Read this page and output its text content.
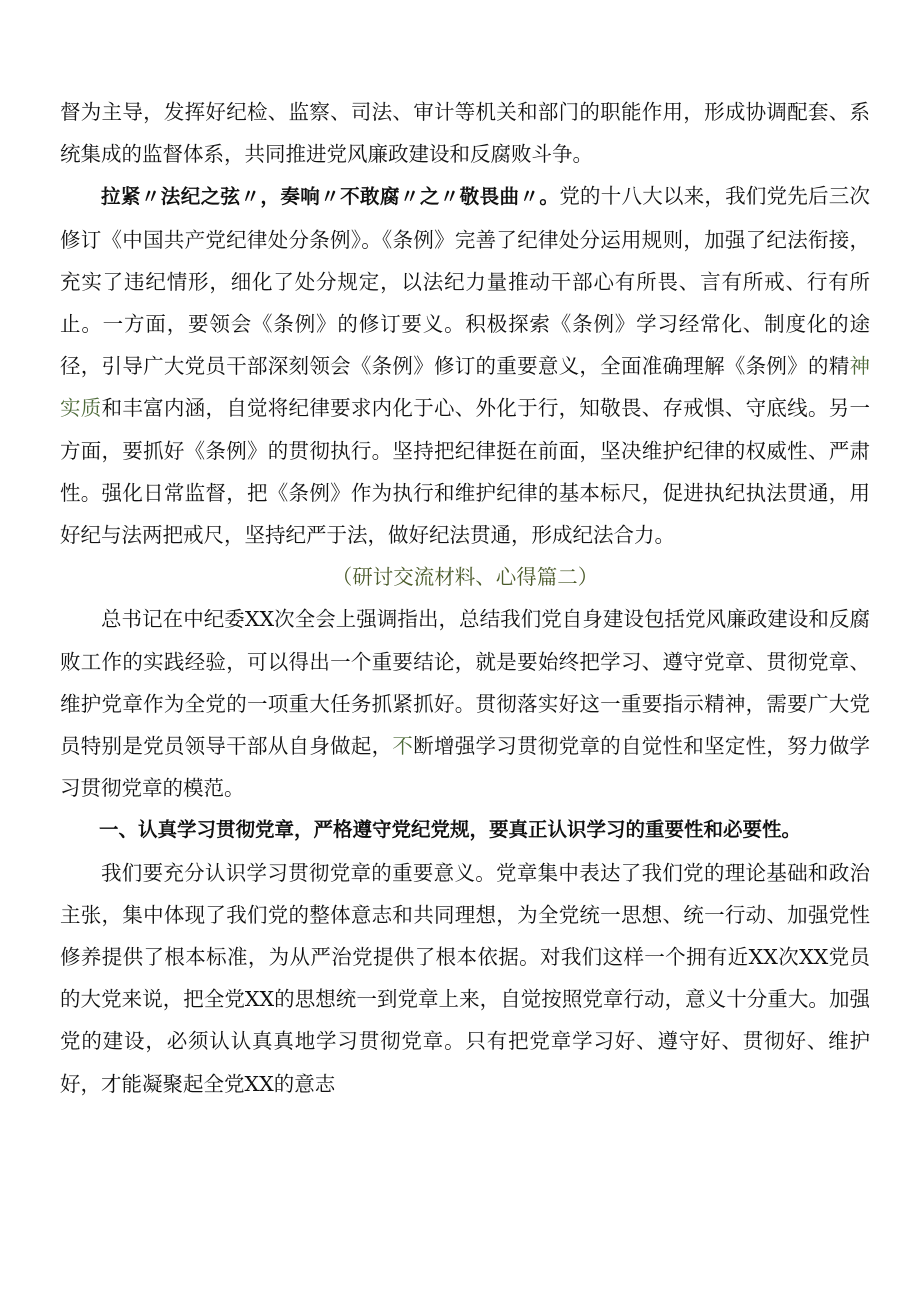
督为主导，发挥好纪检、监察、司法、审计等机关和部门的职能作用，形成协调配套、系统集成的监督体系，共同推进党风廉政建设和反腐败斗争。

拉紧〃法纪之弦〃，奏响〃不敢腐〃之〃敬畏曲〃。党的十八大以来，我们党先后三次修订《中国共产党纪律处分条例》。《条例》完善了纪律处分运用规则，加强了纪法衔接，充实了违纪情形，细化了处分规定，以法纪力量推动干部心有所畏、言有所戒、行有所止。一方面，要领会《条例》的修订要义。积极探索《条例》学习经常化、制度化的途径，引导广大党员干部深刻领会《条例》修订的重要意义，全面准确理解《条例》的精神实质和丰富内涵，自觉将纪律要求内化于心、外化于行，知敬畏、存戒惧、守底线。另一方面，要抓好《条例》的贯彻执行。坚持把纪律挺在前面，坚决维护纪律的权威性、严肃性。强化日常监督，把《条例》作为执行和维护纪律的基本标尺，促进执纪执法贯通，用好纪与法两把戒尺，坚持纪严于法，做好纪法贯通，形成纪法合力。

（研讨交流材料、心得篇二）

总书记在中纪委XX次全会上强调指出，总结我们党自身建设包括党风廉政建设和反腐败工作的实践经验，可以得出一个重要结论，就是要始终把学习、遵守党章、贯彻党章、维护党章作为全党的一项重大任务抓紧抓好。贯彻落实好这一重要指示精神，需要广大党员特别是党员领导干部从自身做起，不断增强学习贯彻党章的自觉性和坚定性，努力做学习贯彻党章的模范。

一、认真学习贯彻党章，严格遵守党纪党规，要真正认识学习的重要性和必要性。

我们要充分认识学习贯彻党章的重要意义。党章集中表达了我们党的理论基础和政治主张，集中体现了我们党的整体意志和共同理想，为全党统一思想、统一行动、加强党性修养提供了根本标准，为从严治党提供了根本依据。对我们这样一个拥有近XX次XX党员的大党来说，把全党XX的思想统一到党章上来，自觉按照党章行动，意义十分重大。加强党的建设，必须认认真真地学习贯彻党章。只有把党章学习好、遵守好、贯彻好、维护好，才能凝聚起全党XX的意志
